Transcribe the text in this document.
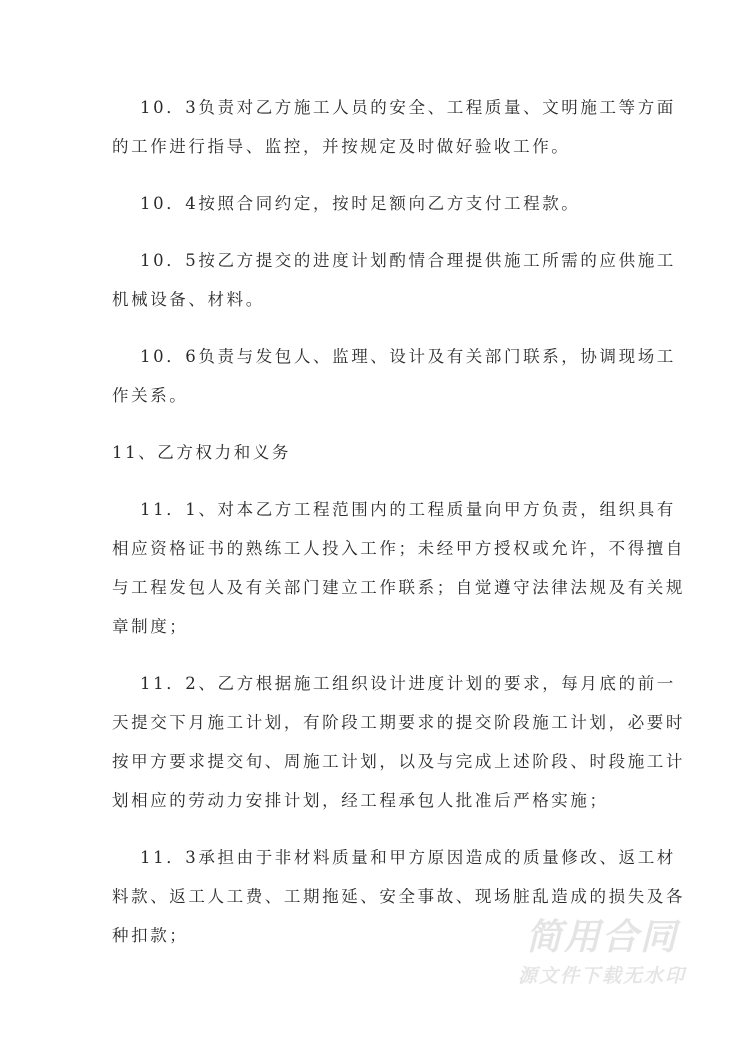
10．3负责对乙方施工人员的安全、工程质量、文明施工等方面
的工作进行指导、监控，并按规定及时做好验收工作。

10．4按照合同约定，按时足额向乙方支付工程款。

10．5按乙方提交的进度计划酌情合理提供施工所需的应供施工
机械设备、材料。

10．6负责与发包人、监理、设计及有关部门联系，协调现场工
作关系。

11、乙方权力和义务

11．1、对本乙方工程范围内的工程质量向甲方负责，组织具有
相应资格证书的熟练工人投入工作；未经甲方授权或允许，不得擅自
与工程发包人及有关部门建立工作联系；自觉遵守法律法规及有关规
章制度；

11．2、乙方根据施工组织设计进度计划的要求，每月底的前一
天提交下月施工计划，有阶段工期要求的提交阶段施工计划，必要时
按甲方要求提交旬、周施工计划，以及与完成上述阶段、时段施工计
划相应的劳动力安排计划，经工程承包人批准后严格实施；

11．3承担由于非材料质量和甲方原因造成的质量修改、返工材
料款、返工人工费、工期拖延、安全事故、现场脏乱造成的损失及各
种扣款；	简用合同
源文件下载无水印
